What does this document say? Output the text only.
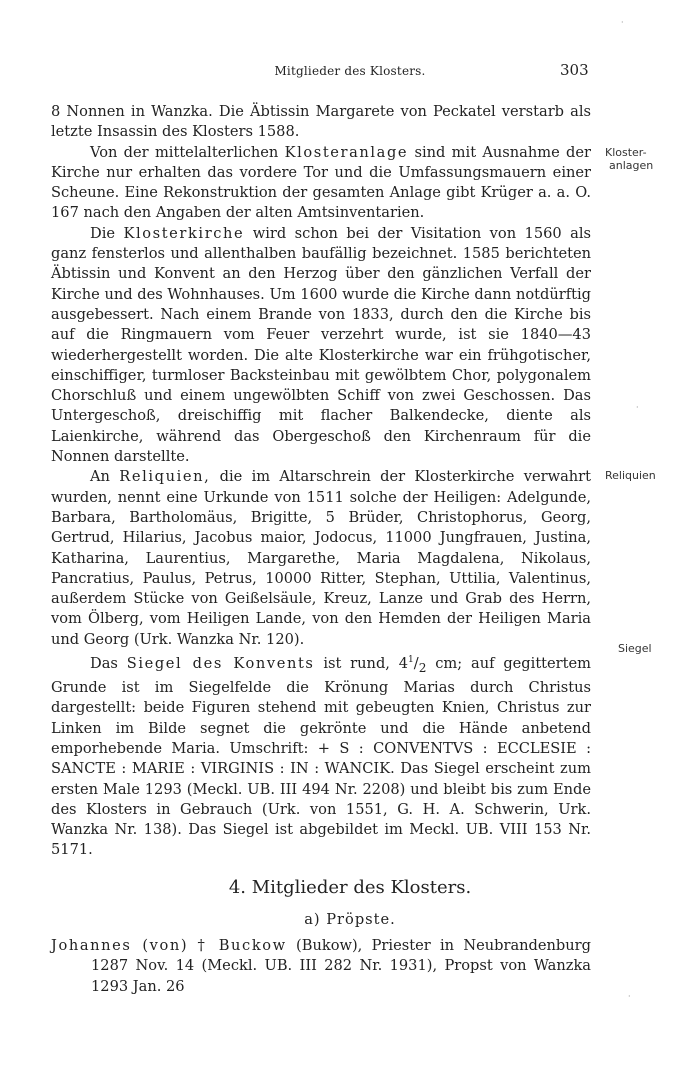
Mitglieder des Klosters.	303

8 Nonnen in Wanzka. Die Äbtissin Margarete von Peckatel verstarb als letzte Insassin des Klosters 1588.

Von der mittelalterlichen Klosteranlage sind mit Ausnahme der Kirche nur erhalten das vordere Tor und die Umfassungsmauern einer Scheune. Eine Rekonstruktion der gesamten Anlage gibt Krüger a. a. O. 167 nach den Angaben der alten Amtsinventarien.

Die Klosterkirche wird schon bei der Visitation von 1560 als ganz fensterlos und allenthalben baufällig bezeichnet. 1585 berichteten Äbtissin und Konvent an den Herzog über den gänzlichen Verfall der Kirche und des Wohnhauses. Um 1600 wurde die Kirche dann notdürftig ausgebessert. Nach einem Brande von 1833, durch den die Kirche bis auf die Ringmauern vom Feuer verzehrt wurde, ist sie 1840—43 wiederhergestellt worden. Die alte Klosterkirche war ein frühgotischer, einschiffiger, turmloser Backsteinbau mit gewölbtem Chor, polygonalem Chorschluß und einem ungewölbten Schiff von zwei Geschossen. Das Untergeschoß, dreischiffig mit flacher Balkendecke, diente als Laienkirche, während das Obergeschoß den Kirchenraum für die Nonnen darstellte.

An Reliquien, die im Altarschrein der Klosterkirche verwahrt wurden, nennt eine Urkunde von 1511 solche der Heiligen: Adelgunde, Barbara, Bartholomäus, Brigitte, 5 Brüder, Christophorus, Georg, Gertrud, Hilarius, Jacobus maior, Jodocus, 11000 Jungfrauen, Justina, Katharina, Laurentius, Margarethe, Maria Magdalena, Nikolaus, Pancratius, Paulus, Petrus, 10000 Ritter, Stephan, Uttilia, Valentinus, außerdem Stücke von Geißelsäule, Kreuz, Lanze und Grab des Herrn, vom Ölberg, vom Heiligen Lande, von den Hemden der Heiligen Maria und Georg (Urk. Wanzka Nr. 120).

Das Siegel des Konvents ist rund, $4^1/_2$ cm; auf gegittertem Grunde ist im Siegelfelde die Krönung Marias durch Christus dargestellt: beide Figuren stehend mit gebeugten Knien, Christus zur Linken im Bilde segnet die gekrönte und die Hände anbetend emporhebende Maria. Umschrift: + S : CONVENTVS : ECCLESIE : SANCTE : MARIE : VIRGINIS : IN : WANCIK. Das Siegel erscheint zum ersten Male 1293 (Meckl. UB. III 494 Nr. 2208) und bleibt bis zum Ende des Klosters in Gebrauch (Urk. von 1551, G. H. A. Schwerin, Urk. Wanzka Nr. 138). Das Siegel ist abgebildet im Meckl. UB. VIII 153 Nr. 5171.

Kloster-
anlagen
Reliquien
Siegel
4. Mitglieder des Klosters.
a) Pröpste.
Johannes (von) † Buckow (Bukow), Priester in Neubrandenburg 1287 Nov. 14 (Meckl. UB. III 282 Nr. 1931), Propst von Wanzka 1293 Jan. 26
·
·
·
